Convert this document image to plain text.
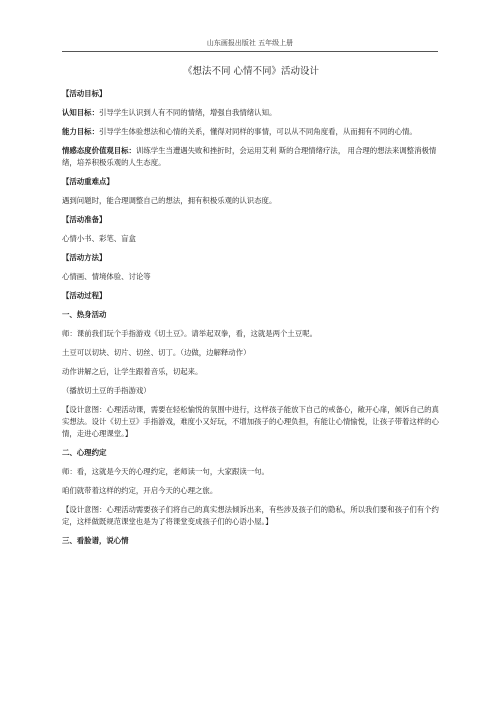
山东画报出版社 五年级上册

《想法不同 心情不同》活动设计

【活动目标】

认知目标：引导学生认识到人有不同的情绪，增强自我情绪认知。

能力目标：引导学生体验想法和心情的关系，懂得对同样的事情，可以从不同角度看，从而拥有不同的心情。

情感态度价值观目标：训练学生当遭遇失败和挫折时，会运用艾利 斯的合理情绪疗法， 用合理的想法来调整消极情绪，培养积极乐观的人生态度。

【活动重难点】

遇到问题时，能合理调整自己的想法，拥有积极乐观的认识态度。

【活动准备】

心情小书、彩笔、盲盒

【活动方法】

心情画、情境体验、讨论等

【活动过程】

一、热身活动

师：课前我们玩个手指游戏《切土豆》。请举起双拳，看，这就是两个土豆呢。

土豆可以切块、切片、切丝、切丁。（边做，边解释动作）

动作讲解之后，让学生跟着音乐，切起来。

（播放切土豆的手指游戏）

【设计意图：心理活动课，需要在轻松愉悦的氛围中进行，这样孩子能放下自己的戒备心，敞开心扉，倾诉自己的真实想法。设计《切土豆》手指游戏，难度小又好玩，不增加孩子的心理负担，有能让心情愉悦，让孩子带着这样的心情，走进心理课堂。】

二、心理约定

师：看，这就是今天的心理约定，老师读一句，大家跟读一句。

咱们就带着这样的约定，开启今天的心理之旅。

【设计意图：心理活动需要孩子们将自己的真实想法倾诉出来，有些涉及孩子们的隐私，所以我们要和孩子们有个约定，这样做既规范课堂也是为了将课堂变成孩子们的心语小屋。】

三、看脸谱，说心情
